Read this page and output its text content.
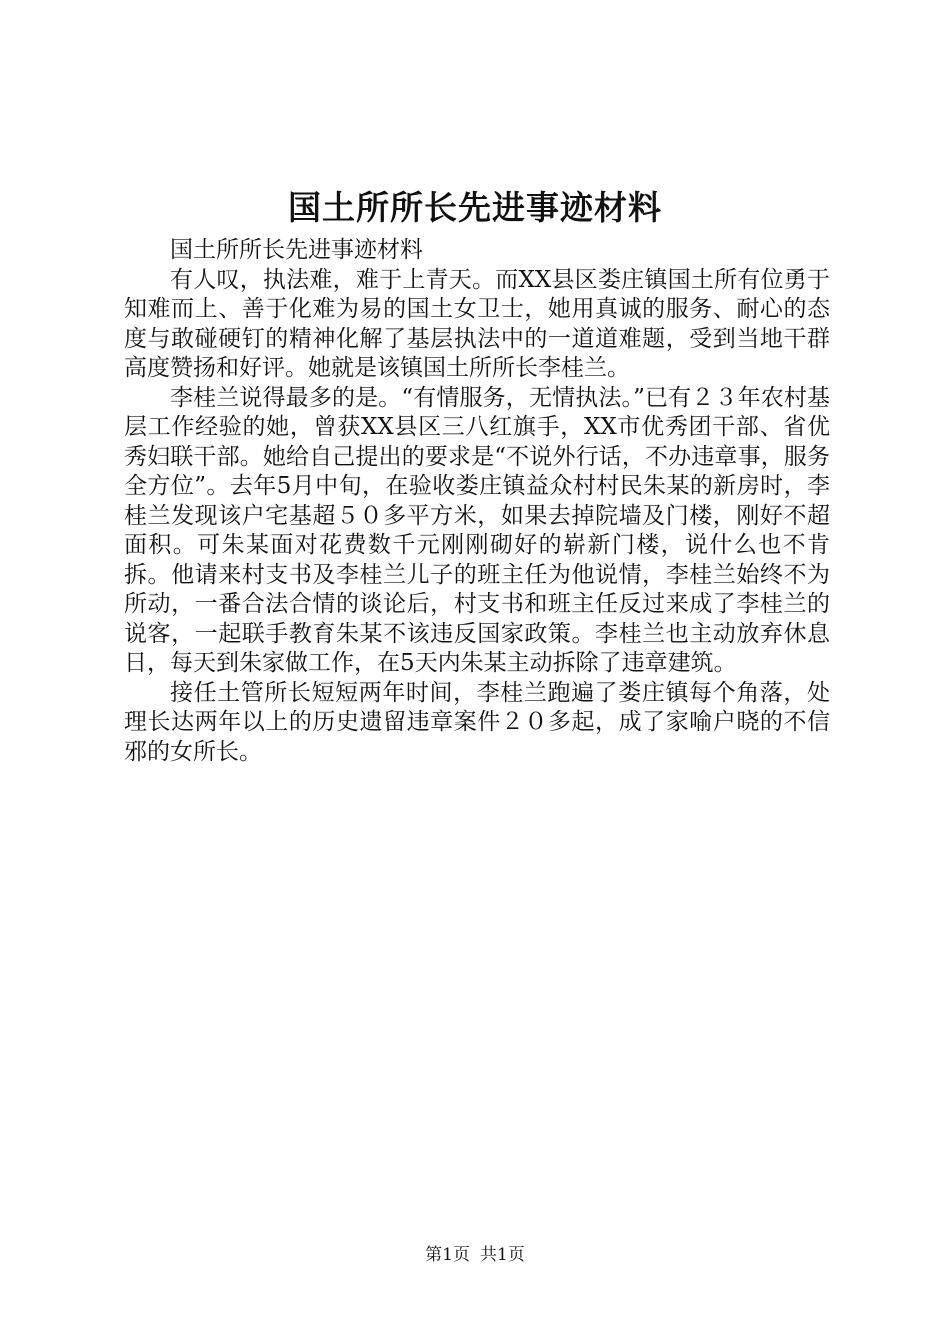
国土所所长先进事迹材料

国土所所长先进事迹材料

有人叹，执法难，难于上青天。而XX县区娄庄镇国土所有位勇于知难而上、善于化难为易的国土女卫士，她用真诚的服务、耐心的态度与敢碰硬钉的精神化解了基层执法中的一道道难题，受到当地干群高度赞扬和好评。她就是该镇国土所所长李桂兰。

李桂兰说得最多的是。“有情服务，无情执法。”已有２３年农村基层工作经验的她，曾获XX县区三八红旗手，XX市优秀团干部、省优秀妇联干部。她给自己提出的要求是“不说外行话，不办违章事，服务全方位”。去年5月中旬，在验收娄庄镇益众村村民朱某的新房时，李桂兰发现该户宅基超５０多平方米，如果去掉院墙及门楼，刚好不超面积。可朱某面对花费数千元刚刚砌好的崭新门楼，说什么也不肯拆。他请来村支书及李桂兰儿子的班主任为他说情，李桂兰始终不为所动，一番合法合情的谈论后，村支书和班主任反过来成了李桂兰的说客，一起联手教育朱某不该违反国家政策。李桂兰也主动放弃休息日，每天到朱家做工作，在5天内朱某主动拆除了违章建筑。

接任土管所长短短两年时间，李桂兰跑遍了娄庄镇每个角落，处理长达两年以上的历史遗留违章案件２０多起，成了家喻户晓的不信邪的女所长。

第1页 共1页
